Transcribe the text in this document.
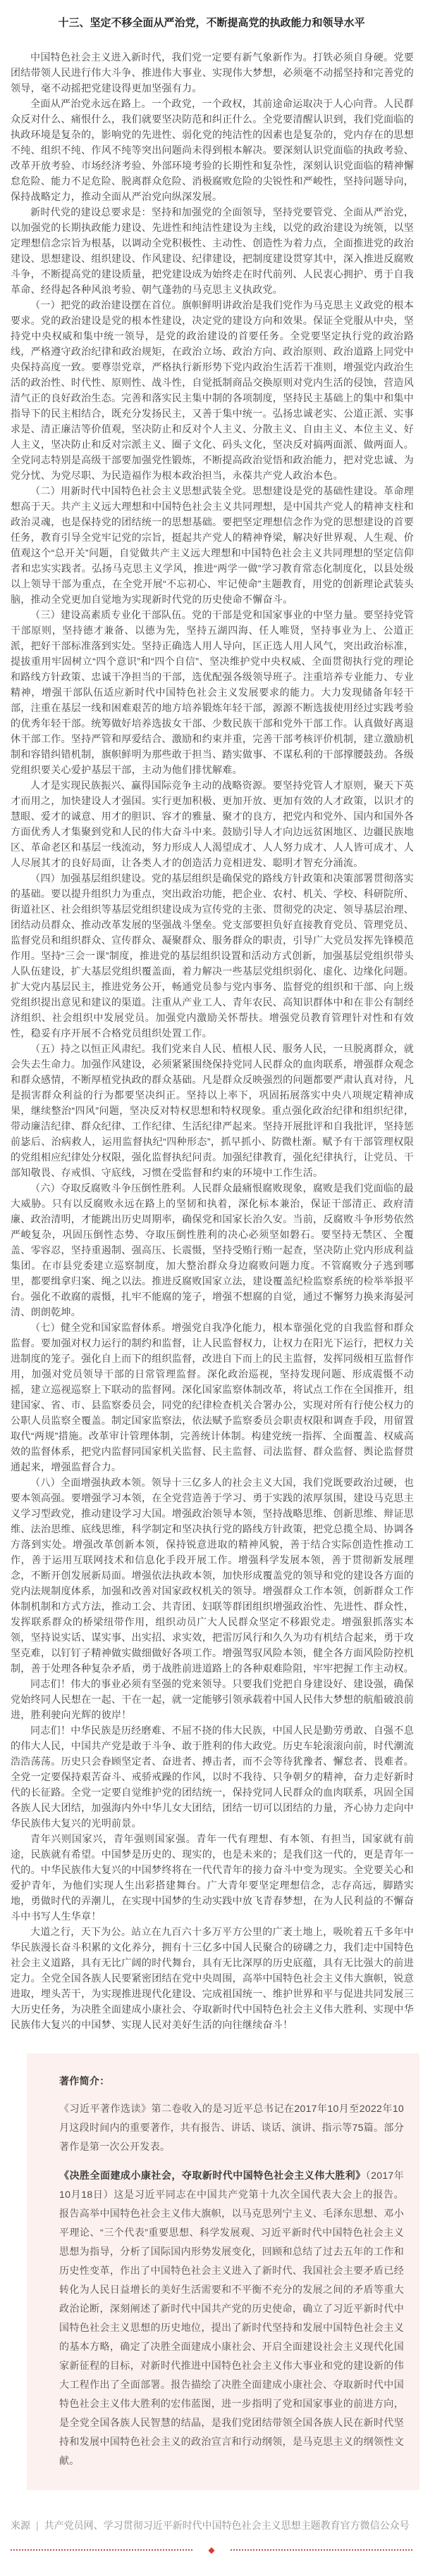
十三、坚定不移全面从严治党，不断提高党的执政能力和领导水平

中国特色社会主义进入新时代，我们党一定要有新气象新作为。打铁必须自身硬。党要团结带领人民进行伟大斗争、推进伟大事业、实现伟大梦想，必须毫不动摇坚持和完善党的领导，毫不动摇把党建设得更加坚强有力。

全面从严治党永远在路上。一个政党，一个政权，其前途命运取决于人心向背。人民群众反对什么、痛恨什么，我们就要坚决防范和纠正什么。全党要清醒认识到，我们党面临的执政环境是复杂的，影响党的先进性、弱化党的纯洁性的因素也是复杂的，党内存在的思想不纯、组织不纯、作风不纯等突出问题尚未得到根本解决。要深刻认识党面临的执政考验、改革开放考验、市场经济考验、外部环境考验的长期性和复杂性，深刻认识党面临的精神懈怠危险、能力不足危险、脱离群众危险、消极腐败危险的尖锐性和严峻性，坚持问题导向，保持战略定力，推动全面从严治党向纵深发展。

新时代党的建设总要求是：坚持和加强党的全面领导，坚持党要管党、全面从严治党，以加强党的长期执政能力建设、先进性和纯洁性建设为主线，以党的政治建设为统领，以坚定理想信念宗旨为根基，以调动全党积极性、主动性、创造性为着力点，全面推进党的政治建设、思想建设、组织建设、作风建设、纪律建设，把制度建设贯穿其中，深入推进反腐败斗争，不断提高党的建设质量，把党建设成为始终走在时代前列、人民衷心拥护、勇于自我革命、经得起各种风浪考验、朝气蓬勃的马克思主义执政党。

（一）把党的政治建设摆在首位。旗帜鲜明讲政治是我们党作为马克思主义政党的根本要求。党的政治建设是党的根本性建设，决定党的建设方向和效果。保证全党服从中央，坚持党中央权威和集中统一领导，是党的政治建设的首要任务。全党要坚定执行党的政治路线，严格遵守政治纪律和政治规矩，在政治立场、政治方向、政治原则、政治道路上同党中央保持高度一致。要尊崇党章，严格执行新形势下党内政治生活若干准则，增强党内政治生活的政治性、时代性、原则性、战斗性，自觉抵制商品交换原则对党内生活的侵蚀，营造风清气正的良好政治生态。完善和落实民主集中制的各项制度，坚持民主基础上的集中和集中指导下的民主相结合，既充分发扬民主，又善于集中统一。弘扬忠诚老实、公道正派、实事求是、清正廉洁等价值观，坚决防止和反对个人主义、分散主义、自由主义、本位主义、好人主义，坚决防止和反对宗派主义、圈子文化、码头文化，坚决反对搞两面派、做两面人。全党同志特别是高级干部要加强党性锻炼，不断提高政治觉悟和政治能力，把对党忠诚、为党分忧、为党尽职、为民造福作为根本政治担当，永葆共产党人政治本色。

（二）用新时代中国特色社会主义思想武装全党。思想建设是党的基础性建设。革命理想高于天。共产主义远大理想和中国特色社会主义共同理想，是中国共产党人的精神支柱和政治灵魂，也是保持党的团结统一的思想基础。要把坚定理想信念作为党的思想建设的首要任务，教育引导全党牢记党的宗旨，挺起共产党人的精神脊梁，解决好世界观、人生观、价值观这个“总开关”问题，自觉做共产主义远大理想和中国特色社会主义共同理想的坚定信仰者和忠实实践者。弘扬马克思主义学风，推进“两学一做”学习教育常态化制度化，以县处级以上领导干部为重点，在全党开展“不忘初心、牢记使命”主题教育，用党的创新理论武装头脑，推动全党更加自觉地为实现新时代党的历史使命不懈奋斗。

（三）建设高素质专业化干部队伍。党的干部是党和国家事业的中坚力量。要坚持党管干部原则，坚持德才兼备、以德为先，坚持五湖四海、任人唯贤，坚持事业为上、公道正派，把好干部标准落到实处。坚持正确选人用人导向，匡正选人用人风气，突出政治标准，提拔重用牢固树立“四个意识”和“四个自信”、坚决维护党中央权威、全面贯彻执行党的理论和路线方针政策、忠诚干净担当的干部，选优配强各级领导班子。注重培养专业能力、专业精神，增强干部队伍适应新时代中国特色社会主义发展要求的能力。大力发现储备年轻干部，注重在基层一线和困难艰苦的地方培养锻炼年轻干部，源源不断选拔使用经过实践考验的优秀年轻干部。统筹做好培养选拔女干部、少数民族干部和党外干部工作。认真做好离退休干部工作。坚持严管和厚爱结合、激励和约束并重，完善干部考核评价机制，建立激励机制和容错纠错机制，旗帜鲜明为那些敢于担当、踏实做事、不谋私利的干部撑腰鼓劲。各级党组织要关心爱护基层干部，主动为他们排忧解难。

人才是实现民族振兴、赢得国际竞争主动的战略资源。要坚持党管人才原则，聚天下英才而用之，加快建设人才强国。实行更加积极、更加开放、更加有效的人才政策，以识才的慧眼、爱才的诚意、用才的胆识、容才的雅量、聚才的良方，把党内和党外、国内和国外各方面优秀人才集聚到党和人民的伟大奋斗中来。鼓励引导人才向边远贫困地区、边疆民族地区、革命老区和基层一线流动，努力形成人人渴望成才、人人努力成才、人人皆可成才、人人尽展其才的良好局面，让各类人才的创造活力竞相迸发、聪明才智充分涌流。

（四）加强基层组织建设。党的基层组织是确保党的路线方针政策和决策部署贯彻落实的基础。要以提升组织力为重点，突出政治功能，把企业、农村、机关、学校、科研院所、街道社区、社会组织等基层党组织建设成为宣传党的主张、贯彻党的决定、领导基层治理、团结动员群众、推动改革发展的坚强战斗堡垒。党支部要担负好直接教育党员、管理党员、监督党员和组织群众、宣传群众、凝聚群众、服务群众的职责，引导广大党员发挥先锋模范作用。坚持“三会一课”制度，推进党的基层组织设置和活动方式创新，加强基层党组织带头人队伍建设，扩大基层党组织覆盖面，着力解决一些基层党组织弱化、虚化、边缘化问题。扩大党内基层民主，推进党务公开，畅通党员参与党内事务、监督党的组织和干部、向上级党组织提出意见和建议的渠道。注重从产业工人、青年农民、高知识群体中和在非公有制经济组织、社会组织中发展党员。加强党内激励关怀帮扶。增强党员教育管理针对性和有效性，稳妥有序开展不合格党员组织处置工作。

（五）持之以恒正风肃纪。我们党来自人民、植根人民、服务人民，一旦脱离群众，就会失去生命力。加强作风建设，必须紧紧围绕保持党同人民群众的血肉联系，增强群众观念和群众感情，不断厚植党执政的群众基础。凡是群众反映强烈的问题都要严肃认真对待，凡是损害群众利益的行为都要坚决纠正。坚持以上率下，巩固拓展落实中央八项规定精神成果，继续整治“四风”问题，坚决反对特权思想和特权现象。重点强化政治纪律和组织纪律，带动廉洁纪律、群众纪律、工作纪律、生活纪律严起来。坚持开展批评和自我批评，坚持惩前毖后、治病救人，运用监督执纪“四种形态”，抓早抓小、防微杜渐。赋予有干部管理权限的党组相应纪律处分权限，强化监督执纪问责。加强纪律教育，强化纪律执行，让党员、干部知敬畏、存戒惧、守底线，习惯在受监督和约束的环境中工作生活。

（六）夺取反腐败斗争压倒性胜利。人民群众最痛恨腐败现象，腐败是我们党面临的最大威胁。只有以反腐败永远在路上的坚韧和执着，深化标本兼治，保证干部清正、政府清廉、政治清明，才能跳出历史周期率，确保党和国家长治久安。当前，反腐败斗争形势依然严峻复杂，巩固压倒性态势、夺取压倒性胜利的决心必须坚如磐石。要坚持无禁区、全覆盖、零容忍，坚持重遏制、强高压、长震慑，坚持受贿行贿一起查，坚决防止党内形成利益集团。在市县党委建立巡察制度，加大整治群众身边腐败问题力度。不管腐败分子逃到哪里，都要缉拿归案、绳之以法。推进反腐败国家立法，建设覆盖纪检监察系统的检举举报平台。强化不敢腐的震慑，扎牢不能腐的笼子，增强不想腐的自觉，通过不懈努力换来海晏河清、朗朗乾坤。

（七）健全党和国家监督体系。增强党自我净化能力，根本靠强化党的自我监督和群众监督。要加强对权力运行的制约和监督，让人民监督权力，让权力在阳光下运行，把权力关进制度的笼子。强化自上而下的组织监督，改进自下而上的民主监督，发挥同级相互监督作用，加强对党员领导干部的日常管理监督。深化政治巡视，坚持发现问题、形成震慑不动摇，建立巡视巡察上下联动的监督网。深化国家监察体制改革，将试点工作在全国推开，组建国家、省、市、县监察委员会，同党的纪律检查机关合署办公，实现对所有行使公权力的公职人员监察全覆盖。制定国家监察法，依法赋予监察委员会职责权限和调查手段，用留置取代“两规”措施。改革审计管理体制，完善统计体制。构建党统一指挥、全面覆盖、权威高效的监督体系，把党内监督同国家机关监督、民主监督、司法监督、群众监督、舆论监督贯通起来，增强监督合力。

（八）全面增强执政本领。领导十三亿多人的社会主义大国，我们党既要政治过硬，也要本领高强。要增强学习本领，在全党营造善于学习、勇于实践的浓厚氛围，建设马克思主义学习型政党，推动建设学习大国。增强政治领导本领，坚持战略思维、创新思维、辩证思维、法治思维、底线思维，科学制定和坚决执行党的路线方针政策，把党总揽全局、协调各方落到实处。增强改革创新本领，保持锐意进取的精神风貌，善于结合实际创造性推动工作，善于运用互联网技术和信息化手段开展工作。增强科学发展本领，善于贯彻新发展理念，不断开创发展新局面。增强依法执政本领，加快形成覆盖党的领导和党的建设各方面的党内法规制度体系，加强和改善对国家政权机关的领导。增强群众工作本领，创新群众工作体制机制和方式方法，推动工会、共青团、妇联等群团组织增强政治性、先进性、群众性，发挥联系群众的桥梁纽带作用，组织动员广大人民群众坚定不移跟党走。增强狠抓落实本领，坚持说实话、谋实事、出实招、求实效，把雷厉风行和久久为功有机结合起来，勇于攻坚克难，以钉钉子精神做实做细做好各项工作。增强驾驭风险本领，健全各方面风险防控机制，善于处理各种复杂矛盾，勇于战胜前进道路上的各种艰难险阻，牢牢把握工作主动权。

同志们！伟大的事业必须有坚强的党来领导。只要我们党把自身建设好、建设强，确保党始终同人民想在一起、干在一起，就一定能够引领承载着中国人民伟大梦想的航船破浪前进，胜利驶向光辉的彼岸！

同志们！中华民族是历经磨难、不屈不挠的伟大民族，中国人民是勤劳勇敢、自强不息的伟大人民，中国共产党是敢于斗争、敢于胜利的伟大政党。历史车轮滚滚向前，时代潮流浩浩荡荡。历史只会眷顾坚定者、奋进者、搏击者，而不会等待犹豫者、懈怠者、畏难者。全党一定要保持艰苦奋斗、戒骄戒躁的作风，以时不我待、只争朝夕的精神，奋力走好新时代的长征路。全党一定要自觉维护党的团结统一，保持党同人民群众的血肉联系，巩固全国各族人民大团结，加强海内外中华儿女大团结，团结一切可以团结的力量，齐心协力走向中华民族伟大复兴的光明前景。

青年兴则国家兴，青年强则国家强。青年一代有理想、有本领、有担当，国家就有前途，民族就有希望。中国梦是历史的、现实的，也是未来的；是我们这一代的，更是青年一代的。中华民族伟大复兴的中国梦终将在一代代青年的接力奋斗中变为现实。全党要关心和爱护青年，为他们实现人生出彩搭建舞台。广大青年要坚定理想信念，志存高远，脚踏实地，勇做时代的弄潮儿，在实现中国梦的生动实践中放飞青春梦想，在为人民利益的不懈奋斗中书写人生华章！

大道之行，天下为公。站立在九百六十多万平方公里的广袤土地上，吸吮着五千多年中华民族漫长奋斗积累的文化养分，拥有十三亿多中国人民聚合的磅礴之力，我们走中国特色社会主义道路，具有无比广阔的时代舞台，具有无比深厚的历史底蕴，具有无比强大的前进定力。全党全国各族人民要紧密团结在党中央周围，高举中国特色社会主义伟大旗帜，锐意进取，埋头苦干，为实现推进现代化建设、完成祖国统一、维护世界和平与促进共同发展三大历史任务，为决胜全面建成小康社会、夺取新时代中国特色社会主义伟大胜利、实现中华民族伟大复兴的中国梦、实现人民对美好生活的向往继续奋斗！

著作简介：

《习近平著作选读》第二卷收入的是习近平总书记在2017年10月至2022年10月这段时间内的重要著作，共有报告、讲话、谈话、演讲、指示等75篇。部分著作是第一次公开发表。

《决胜全面建成小康社会，夺取新时代中国特色社会主义伟大胜利》（2017年10月18日）这是习近平同志在中国共产党第十九次全国代表大会上的报告。报告高举中国特色社会主义伟大旗帜，以马克思列宁主义、毛泽东思想、邓小平理论、“三个代表”重要思想、科学发展观、习近平新时代中国特色社会主义思想为指导，分析了国际国内形势发展变化，回顾和总结了过去五年的工作和历史性变革，作出了中国特色社会主义进入了新时代、我国社会主要矛盾已经转化为人民日益增长的美好生活需要和不平衡不充分的发展之间的矛盾等重大政治论断，深刻阐述了新时代中国共产党的历史使命，确立了习近平新时代中国特色社会主义思想的历史地位，提出了新时代坚持和发展中国特色社会主义的基本方略，确定了决胜全面建成小康社会、开启全面建设社会主义现代化国家新征程的目标，对新时代推进中国特色社会主义伟大事业和党的建设新的伟大工程作出了全面部署。报告描绘了决胜全面建成小康社会、夺取新时代中国特色社会主义伟大胜利的宏伟蓝图，进一步指明了党和国家事业的前进方向，是全党全国各族人民智慧的结晶，是我们党团结带领全国各族人民在新时代坚持和发展中国特色社会主义的政治宣言和行动纲领，是马克思主义的纲领性文献。

来源 | 共产党员网、学习贯彻习近平新时代中国特色社会主义思想主题教育官方微信公众号
◆
